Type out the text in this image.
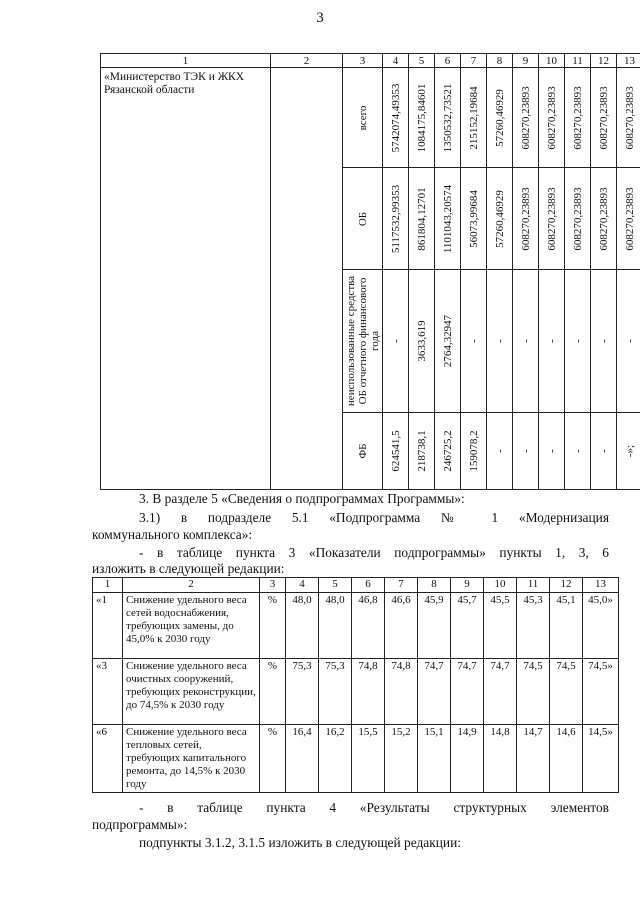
3
1	2	3	4	5	6	7	8	9	10	11	12	13
«Министерство ТЭК и ЖКХ Рязанской области		всего	5742074,49353	1084175,84601	1350532,73521	215152,19684	57260,46929	608270,23893	608270,23893	608270,23893	608270,23893	608270,23893

		ОБ	5117532,99353	861804,12701	1101043,20574	56073,99684	57260,46929	608270,23893	608270,23893	608270,23893	608270,23893	608270,23893

		неиспользованные средства ОБ отчетного финансового года	-	3633,619	2764,32947	-	-	-	-	-	-	-

		ФБ	624541,5	218738,1	246725,2	159078,2	-	-	-	-	-	-»;
3. В разделе 5 «Сведения о подпрограммах Программы»:
3.1) в подразделе 5.1 «Подпрограмма № 1 «Модернизация
коммунального комплекса»:
- в таблице пункта 3 «Показатели подпрограммы» пункты 1, 3, 6
изложить в следующей редакции:
1	2	3	4	5	6	7	8	9	10	11	12	13
«1	Снижение удельного веса сетей водоснабжения, требующих замены, до 45,0% к 2030 году	%	48,0	48,0	46,8	46,6	45,9	45,7	45,5	45,3	45,1	45,0»
«3	Снижение удельного веса очистных сооружений, требующих реконструкции, до 74,5% к 2030 году	%	75,3	75,3	74,8	74,8	74,7	74,7	74,7	74,5	74,5	74,5»
«6	Снижение удельного веса тепловых сетей, требующих капитального ремонта, до 14,5% к 2030 году	%	16,4	16,2	15,5	15,2	15,1	14,9	14,8	14,7	14,6	14,5»
- в таблице пункта 4 «Результаты структурных элементов
подпрограммы»:
подпункты 3.1.2, 3.1.5 изложить в следующей редакции:
